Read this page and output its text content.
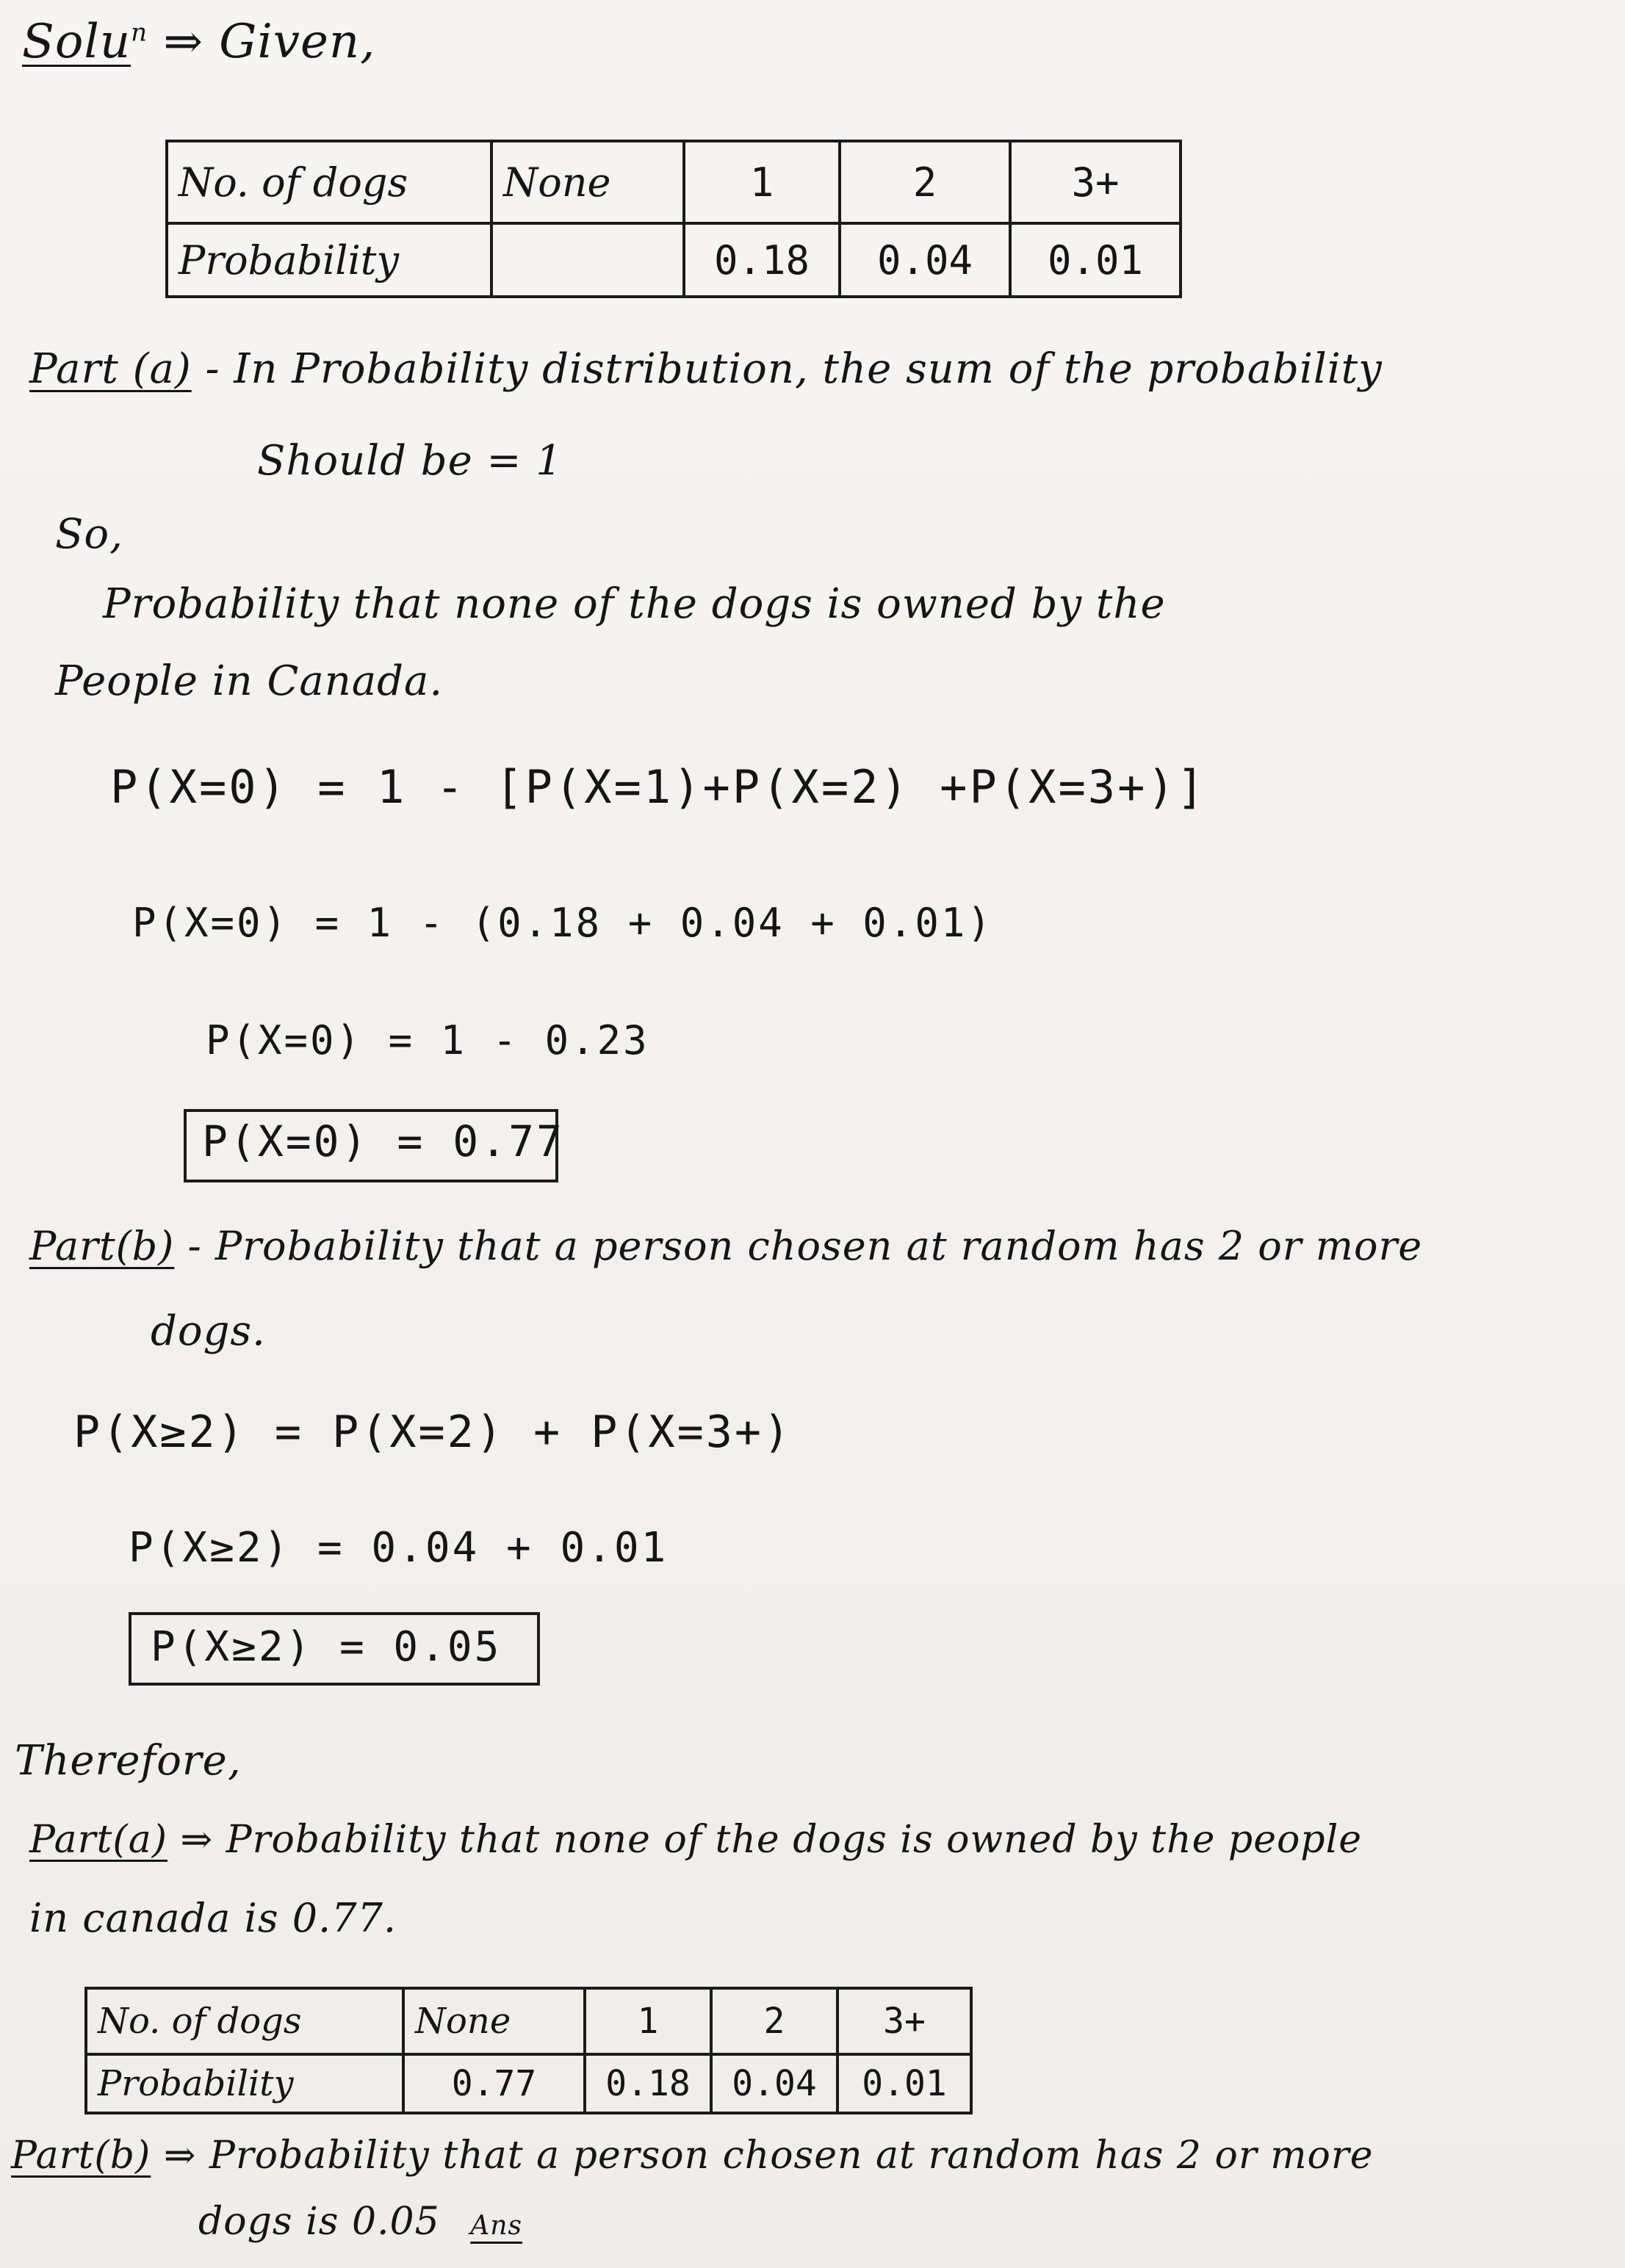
Solu$^n$ ⇒ Given,
No. of dogs	None	1	2	3+
Probability		0.18	0.04	0.01
Part (a) - In Probability distribution, the sum of the probability
Should be = 1
So,
Probability that none of the dogs is owned by the
People in Canada.
P(X=0) = 1 - [P(X=1)+P(X=2) +P(X=3+)]
P(X=0) = 1 - (0.18 + 0.04 + 0.01)
P(X=0) = 1 - 0.23
P(X=0) = 0.77
Part(b) - Probability that a person chosen at random has 2 or more
dogs.
P(X≥2) = P(X=2) + P(X=3+)
P(X≥2) = 0.04 + 0.01
P(X≥2) = 0.05
Therefore,
Part(a) ⇒ Probability that none of the dogs is owned by the people
in canada is 0.77.
No. of dogs	None	1	2	3+
Probability	0.77	0.18	0.04	0.01
Part(b) ⇒ Probability that a person chosen at random has 2 or more
dogs is 0.05 Ans
